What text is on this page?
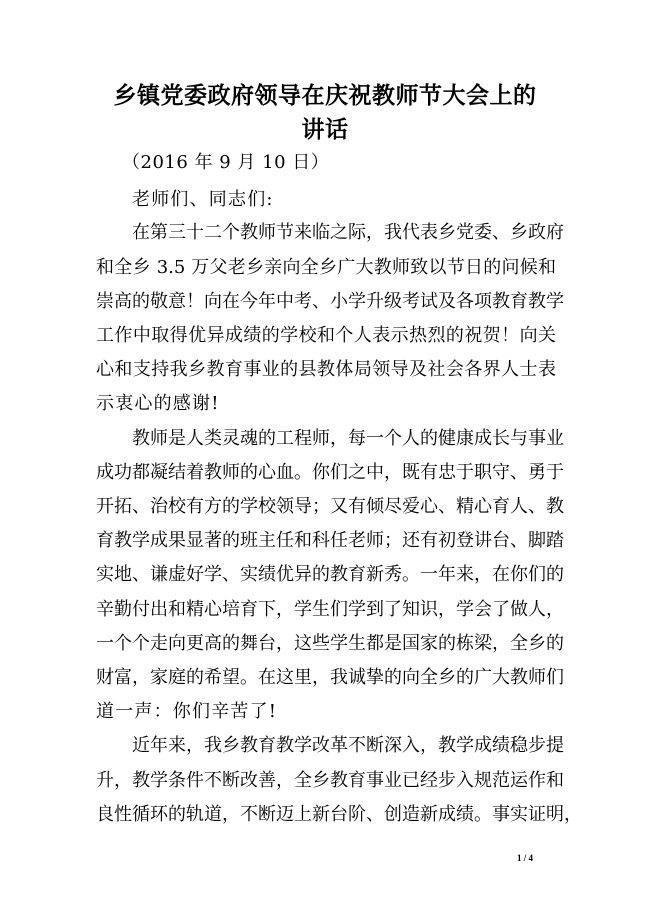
乡镇党委政府领导在庆祝教师节大会上的
讲话
（2016 年 9 月 10 日）
老师们、同志们:
在第三十二个教师节来临之际，我代表乡党委、乡政府
和全乡 3.5 万父老乡亲向全乡广大教师致以节日的问候和
崇高的敬意！向在今年中考、小学升级考试及各项教育教学
工作中取得优异成绩的学校和个人表示热烈的祝贺！向关
心和支持我乡教育事业的县教体局领导及社会各界人士表
示衷心的感谢!
教师是人类灵魂的工程师，每一个人的健康成长与事业
成功都凝结着教师的心血。你们之中，既有忠于职守、勇于
开拓、治校有方的学校领导；又有倾尽爱心、精心育人、教
育教学成果显著的班主任和科任老师；还有初登讲台、脚踏
实地、谦虚好学、实绩优异的教育新秀。一年来，在你们的
辛勤付出和精心培育下，学生们学到了知识，学会了做人，
一个个走向更高的舞台，这些学生都是国家的栋梁，全乡的
财富，家庭的希望。在这里，我诚挚的向全乡的广大教师们
道一声：你们辛苦了!
近年来，我乡教育教学改革不断深入，教学成绩稳步提
升，教学条件不断改善，全乡教育事业已经步入规范运作和
良性循环的轨道，不断迈上新台阶、创造新成绩。事实证明，
1 / 4
